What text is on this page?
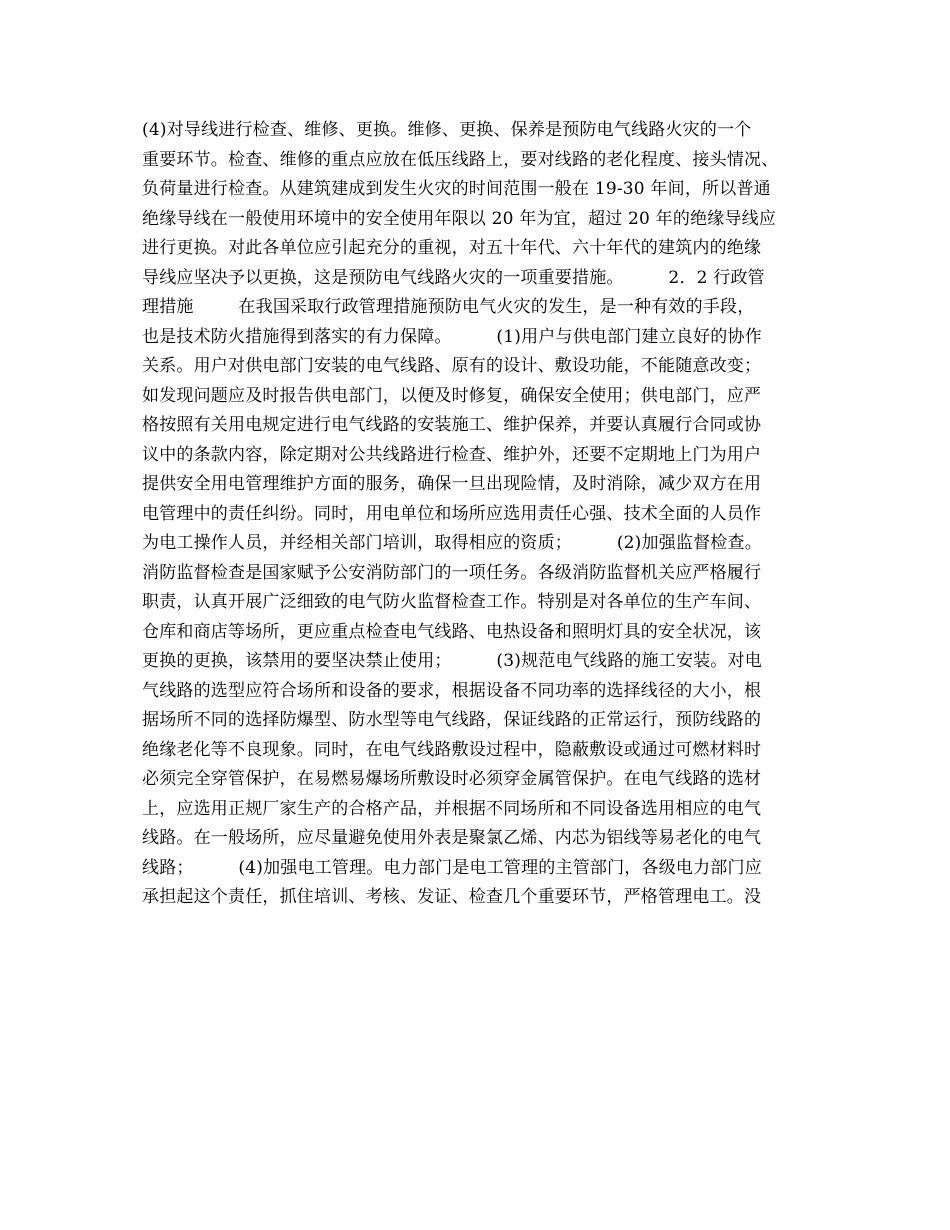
(4)对导线进行检查、维修、更换。维修、更换、保养是预防电气线路火灾的一个
重要环节。检查、维修的重点应放在低压线路上，要对线路的老化程度、接头情况、
负荷量进行检查。从建筑建成到发生火灾的时间范围一般在 19-30 年间，所以普通
绝缘导线在一般使用环境中的安全使用年限以 20 年为宜，超过 20 年的绝缘导线应
进行更换。对此各单位应引起充分的重视，对五十年代、六十年代的建筑内的绝缘
导线应坚决予以更换，这是预防电气线路火灾的一项重要措施。        2．2 行政管
理措施        在我国采取行政管理措施预防电气火灾的发生，是一种有效的手段，
也是技术防火措施得到落实的有力保障。        (1)用户与供电部门建立良好的协作
关系。用户对供电部门安装的电气线路、原有的设计、敷设功能，不能随意改变；
如发现问题应及时报告供电部门，以便及时修复，确保安全使用；供电部门，应严
格按照有关用电规定进行电气线路的安装施工、维护保养，并要认真履行合同或协
议中的条款内容，除定期对公共线路进行检查、维护外，还要不定期地上门为用户
提供安全用电管理维护方面的服务，确保一旦出现险情，及时消除，减少双方在用
电管理中的责任纠纷。同时，用电单位和场所应选用责任心强、技术全面的人员作
为电工操作人员，并经相关部门培训，取得相应的资质；        (2)加强监督检查。
消防监督检查是国家赋予公安消防部门的一项任务。各级消防监督机关应严格履行
职责，认真开展广泛细致的电气防火监督检查工作。特别是对各单位的生产车间、
仓库和商店等场所，更应重点检查电气线路、电热设备和照明灯具的安全状况，该
更换的更换，该禁用的要坚决禁止使用；        (3)规范电气线路的施工安装。对电
气线路的选型应符合场所和设备的要求，根据设备不同功率的选择线径的大小，根
据场所不同的选择防爆型、防水型等电气线路，保证线路的正常运行，预防线路的
绝缘老化等不良现象。同时，在电气线路敷设过程中，隐蔽敷设或通过可燃材料时
必须完全穿管保护，在易燃易爆场所敷设时必须穿金属管保护。在电气线路的选材
上，应选用正规厂家生产的合格产品，并根据不同场所和不同设备选用相应的电气
线路。在一般场所，应尽量避免使用外表是聚氯乙烯、内芯为铝线等易老化的电气
线路；        (4)加强电工管理。电力部门是电工管理的主管部门，各级电力部门应
承担起这个责任，抓住培训、考核、发证、检查几个重要环节，严格管理电工。没
